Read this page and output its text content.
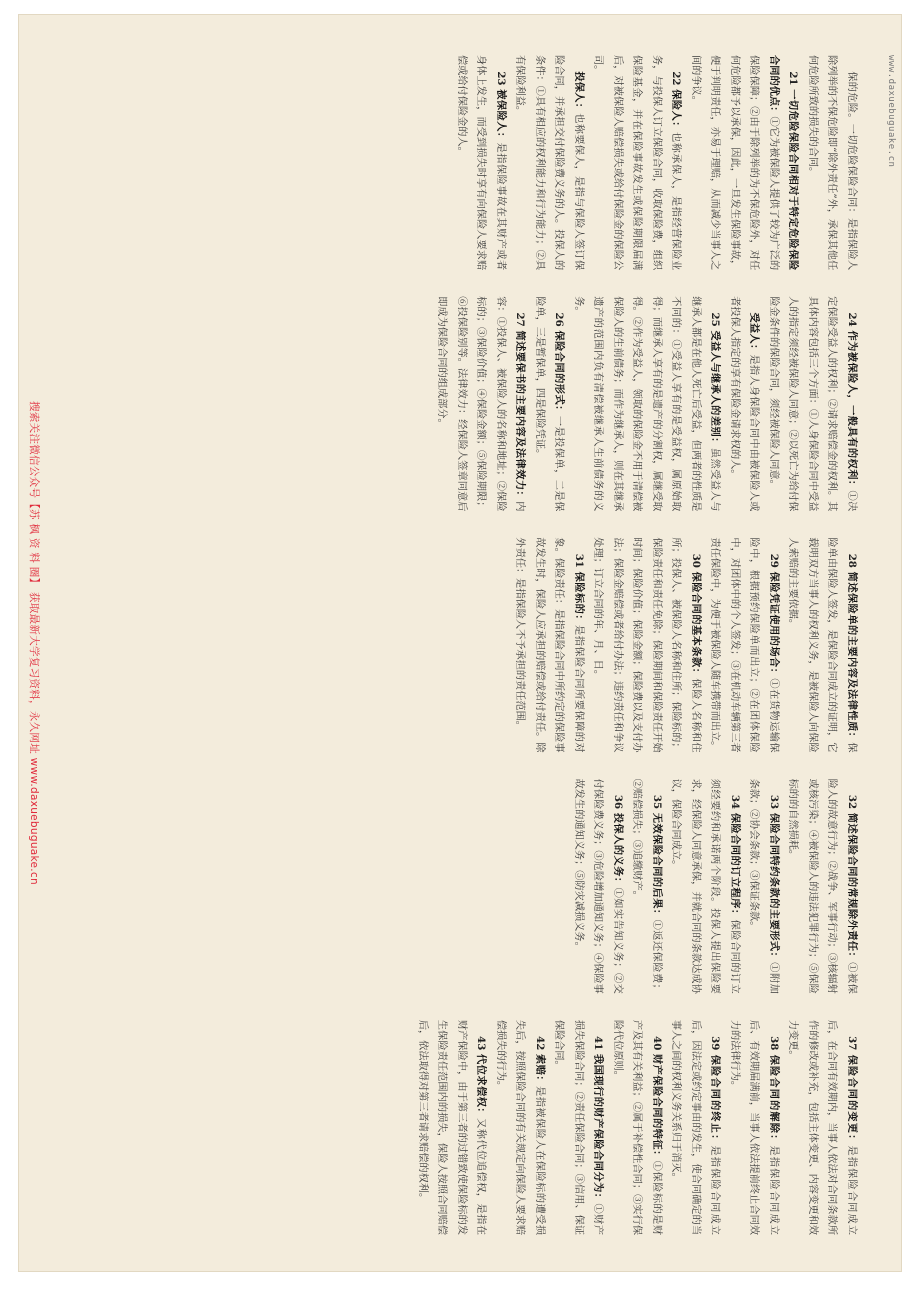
www.daxuebuguake.cn

保的危险。一切危险保险合同：是指保险人除列举的不保危险即“除外责任”外，承保其他任何危险所致的损失的合同。

21 一切危险保险合同相对于特定危险保险合同的优点：①它为被保险人提供了较为广泛的保险保障；②由于除列举的为不保危险外，对任何危险都予以承保，因此，一旦发生保险事故，便于判明责任，亦易于理赔，从而减少当事人之间的争议。

22 保险人：也称承保人，是指经营保险业务，与投保人订立保险合同，收取保险费，组织保险基金，并在保险事故发生或保险期限届满后，对被保险人赔偿损失或给付保险金的保险公司。

投保人：也称要保人，是指与保险人签订保险合同，并承担交付保险费义务的人。投保人的条件：①具有相应的权利能力和行为能力；②具有保险利益。

23 被保险人：是指保险事故在其财产或者身体上发生，而受到损失时享有向保险人要求赔偿或给付保险金的人。

24 作为被保险人，一般具有的权利：①决定保险受益人的权利；②请求赔偿金的权利。其具体内容包括三个方面：①人身保险合同中受益人的指定须经被保险人同意；②以死亡为给付保险金条件的保险合同，须经被保险人同意。

受益人：是指人身保险合同中由被保险人或者投保人指定的享有保险金请求权的人。

25 受益人与继承人的差别：虽然受益人与继承人都是在他人死亡后受益，但两者的性质是不同的：①受益人享有的是受益权，属原始取得；而继承人享有的是遗产的分割权，属继受取得。②作为受益人，领取的保险金不用于清偿被保险人的生前债务；而作为继承人，则在其继承遗产的范围内负有清偿被继承人生前债务的义务。

26 保险合同的形式：一是投保单，二是保险单，三是暂保单，四是保险凭证。

27 简述要保书的主要内容及法律效力：内容：①投保人、被保险人的名称和地址；②保险标的；③保险价值；④保险金额；⑤保险期限；⑥投保险别等。法律效力：经保险人签章同意后即成为保险合同的组成部分。

28 简述保险单的主要内容及法律性质：保险单由保险人签发，是保险合同成立的证明，它载明双方当事人的权利义务，是被保险人向保险人索赔的主要依据。

29 保险凭证使用的场合：①在货物运输保险中，根据预约保险单而出立；②在团体保险中，对团体中的个人签发；③在机动车辆第三者责任保险中，为便于被保险人随车携带而出立。

30 保险合同的基本条款：保险人名称和住所；投保人、被保险人名称和住所；保险标的；保险责任和责任免除；保险期间和保险责任开始时间；保险价值；保险金额；保险费以及支付办法；保险金赔偿或者给付办法；违约责任和争议处理；订立合同的年、月、日。

31 保险标的：是指保险合同所要保障的对象。保险责任：是指保险合同中所约定的保险事故发生时，保险人应承担的赔偿或给付责任。除外责任：是指保险人不予承担的责任范围。

32 简述保险合同的常规除外责任：①被保险人的故意行为；②战争、军事行动；③核辐射或核污染；④被保险人的违法犯罪行为；⑤保险标的的自然损耗。

33 保险合同特约条款的主要形式：①附加条款；②协会条款；③保证条款。

34 保险合同的订立程序：保险合同的订立须经要约和承诺两个阶段。投保人提出保险要求，经保险人同意承保，并就合同的条款达成协议，保险合同成立。

35 无效保险合同的后果：①返还保险费；②赔偿损失；③追缴财产。

36 投保人的义务：①如实告知义务；②交付保险费义务；③危险增加通知义务；④保险事故发生的通知义务；⑤防灾减损义务。

37 保险合同的变更：是指保险合同成立后，在合同有效期内，当事人依法对合同条款所作的修改或补充，包括主体变更、内容变更和效力变更。

38 保险合同的解除：是指保险合同成立后、有效期届满前，当事人依法提前终止合同效力的法律行为。

39 保险合同的终止：是指保险合同成立后，因法定或约定事由的发生，使合同确定的当事人之间的权利义务关系归于消灭。

40 财产保险合同的特征：①保险标的是财产及其有关利益；②属于补偿性合同；③实行保险代位原则。

41 我国现行的财产保险合同分为：①财产损失保险合同；②责任保险合同；③信用、保证保险合同。

42 索赔：是指被保险人在保险标的遭受损失后，按照保险合同的有关规定向保险人要求赔偿损失的行为。

43 代位求偿权：又称代位追偿权，是指在财产保险中，由于第三者的过错致使保险标的发生保险责任范围内的损失，保险人按照合同赔偿后，依法取得对第三者请求赔偿的权利。

搜索关注微信公众号【苏 枫 资 料 圈】 获取最新大学复习资料，永久网址 www.daxuebuguake.cn
